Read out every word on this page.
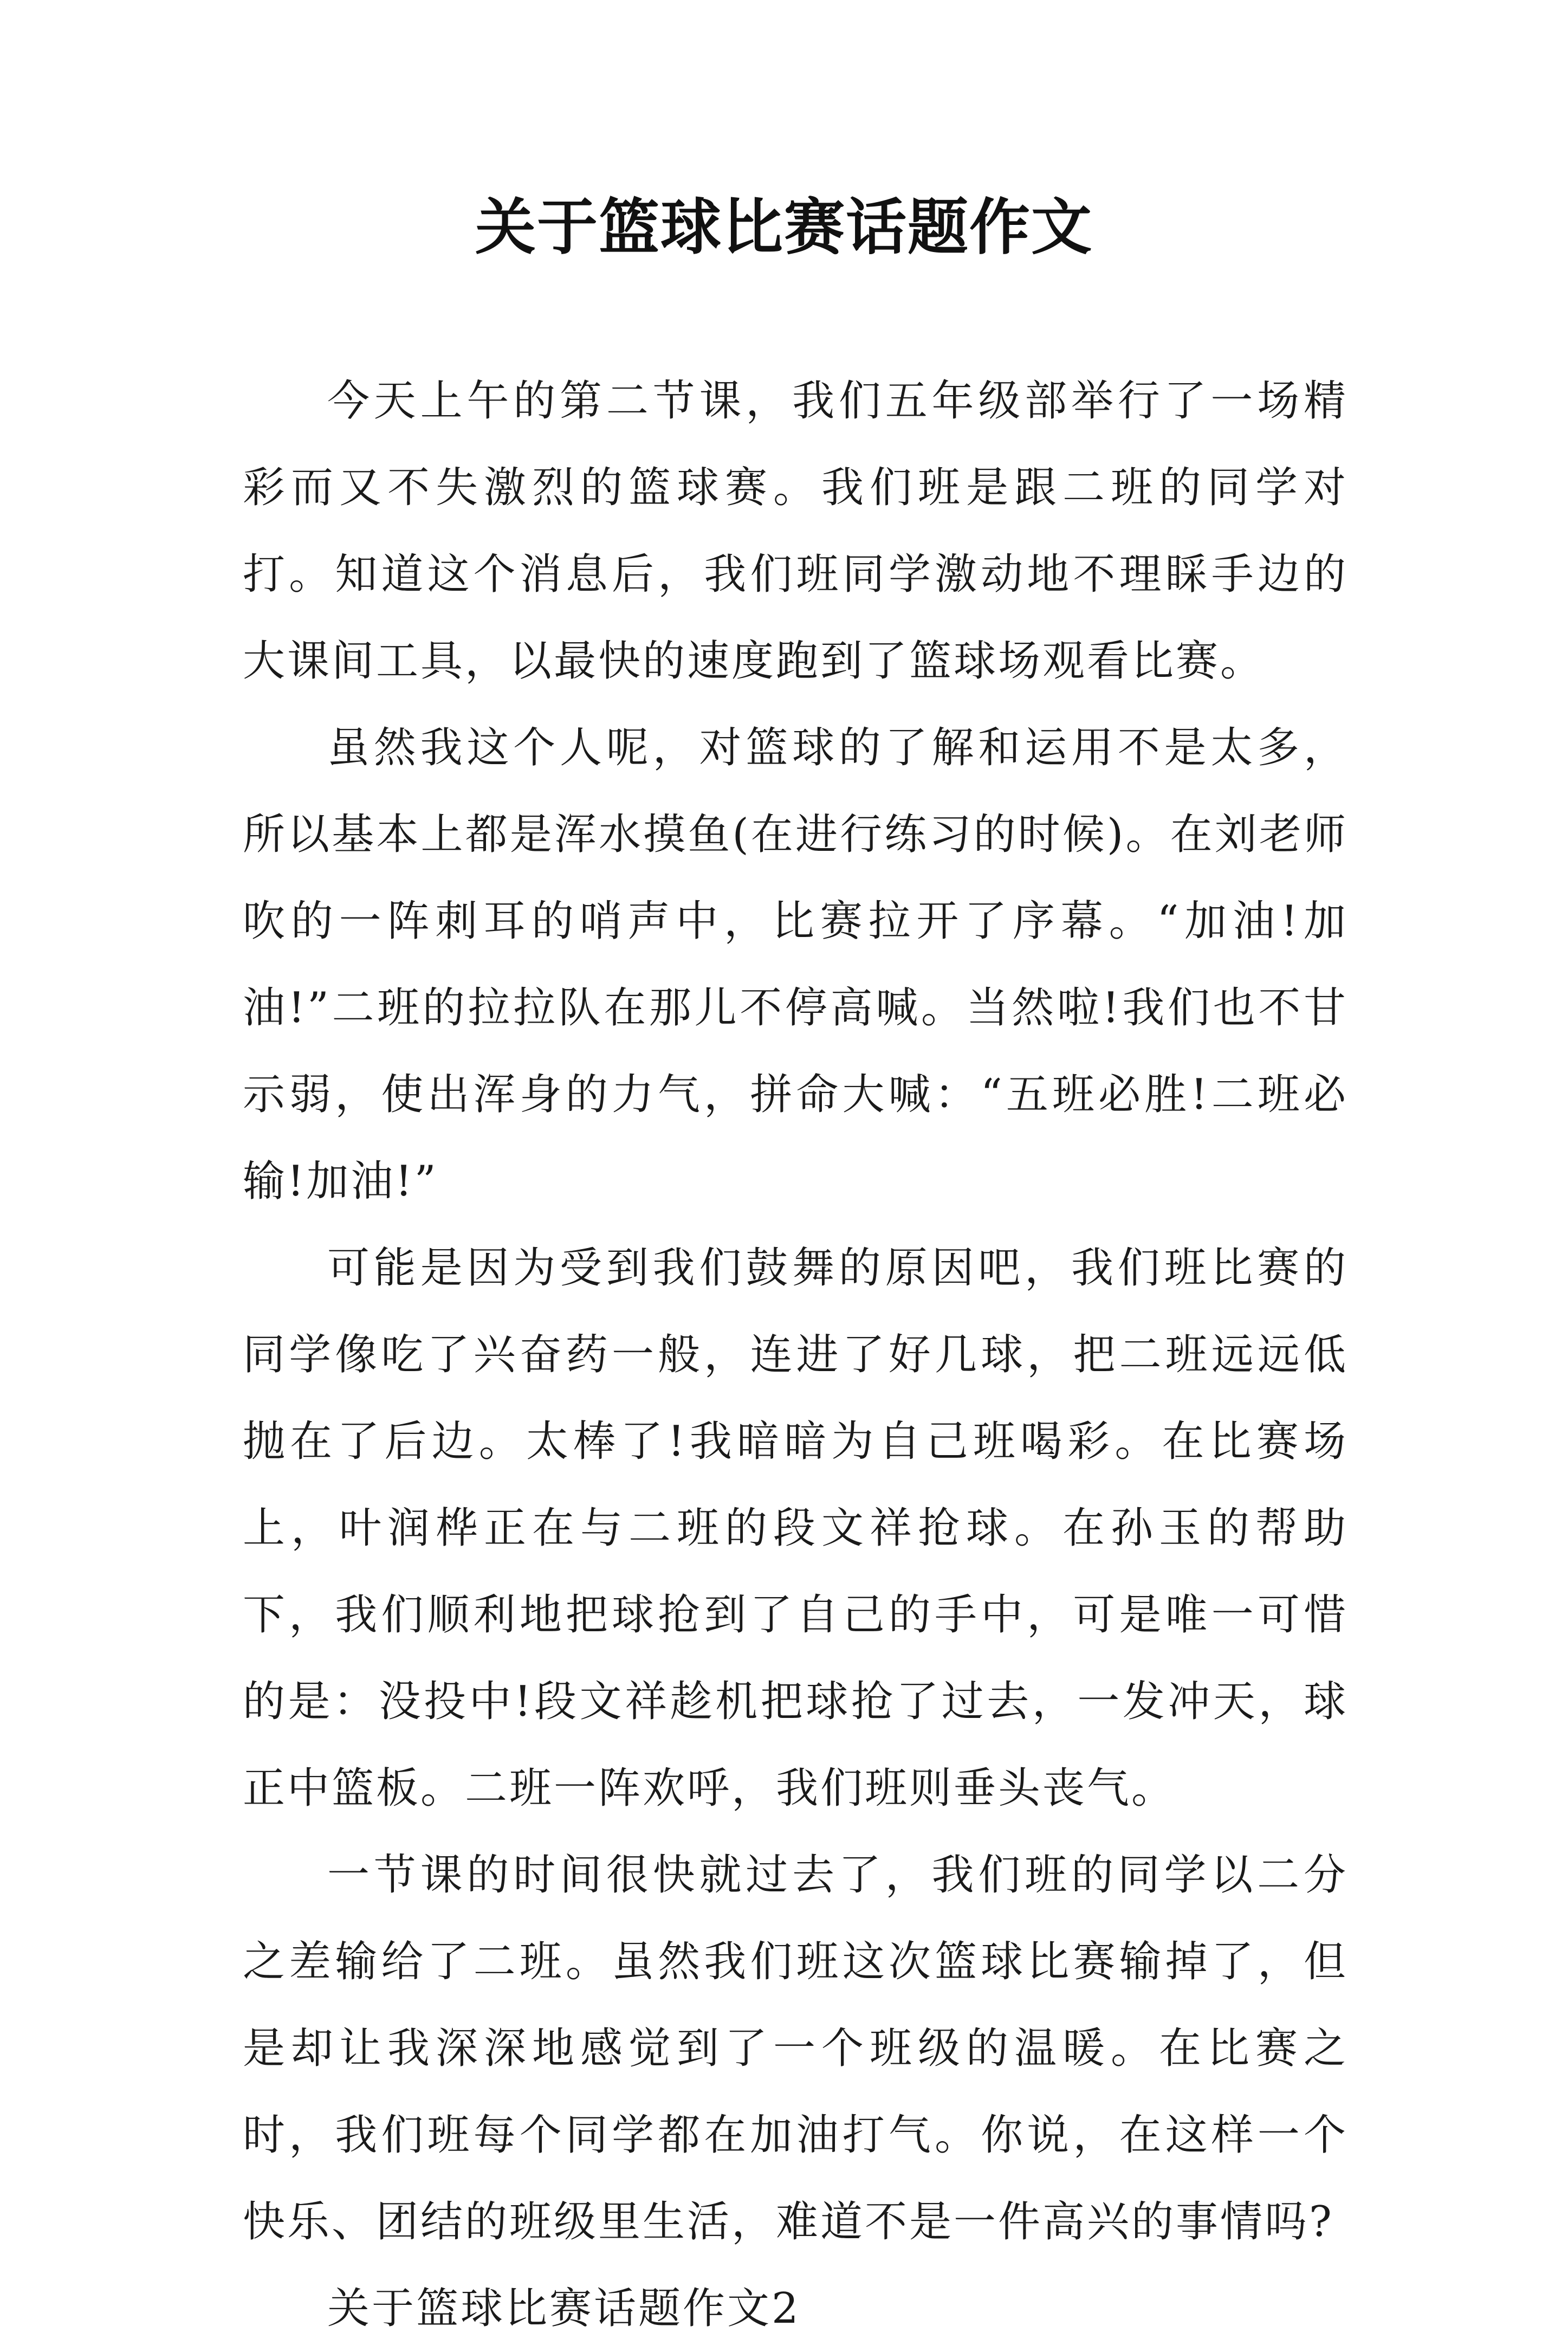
关于篮球比赛话题作文

今天上午的第二节课，我们五年级部举行了一场精彩而又不失激烈的篮球赛。我们班是跟二班的同学对打。知道这个消息后，我们班同学激动地不理睬手边的大课间工具，以最快的速度跑到了篮球场观看比赛。

虽然我这个人呢，对篮球的了解和运用不是太多，所以基本上都是浑水摸鱼(在进行练习的时候)。在刘老师吹的一阵刺耳的哨声中，比赛拉开了序幕。“加油!加油!”二班的拉拉队在那儿不停高喊。当然啦!我们也不甘示弱，使出浑身的力气，拼命大喊：“五班必胜!二班必输!加油!”

可能是因为受到我们鼓舞的原因吧，我们班比赛的同学像吃了兴奋药一般，连进了好几球，把二班远远低抛在了后边。太棒了!我暗暗为自己班喝彩。在比赛场上，叶润桦正在与二班的段文祥抢球。在孙玉的帮助下，我们顺利地把球抢到了自己的手中，可是唯一可惜的是：没投中!段文祥趁机把球抢了过去，一发冲天，球正中篮板。二班一阵欢呼，我们班则垂头丧气。

一节课的时间很快就过去了，我们班的同学以二分之差输给了二班。虽然我们班这次篮球比赛输掉了，但是却让我深深地感觉到了一个班级的温暖。在比赛之时，我们班每个同学都在加油打气。你说，在这样一个快乐、团结的班级里生活，难道不是一件高兴的事情吗?

关于篮球比赛话题作文2
